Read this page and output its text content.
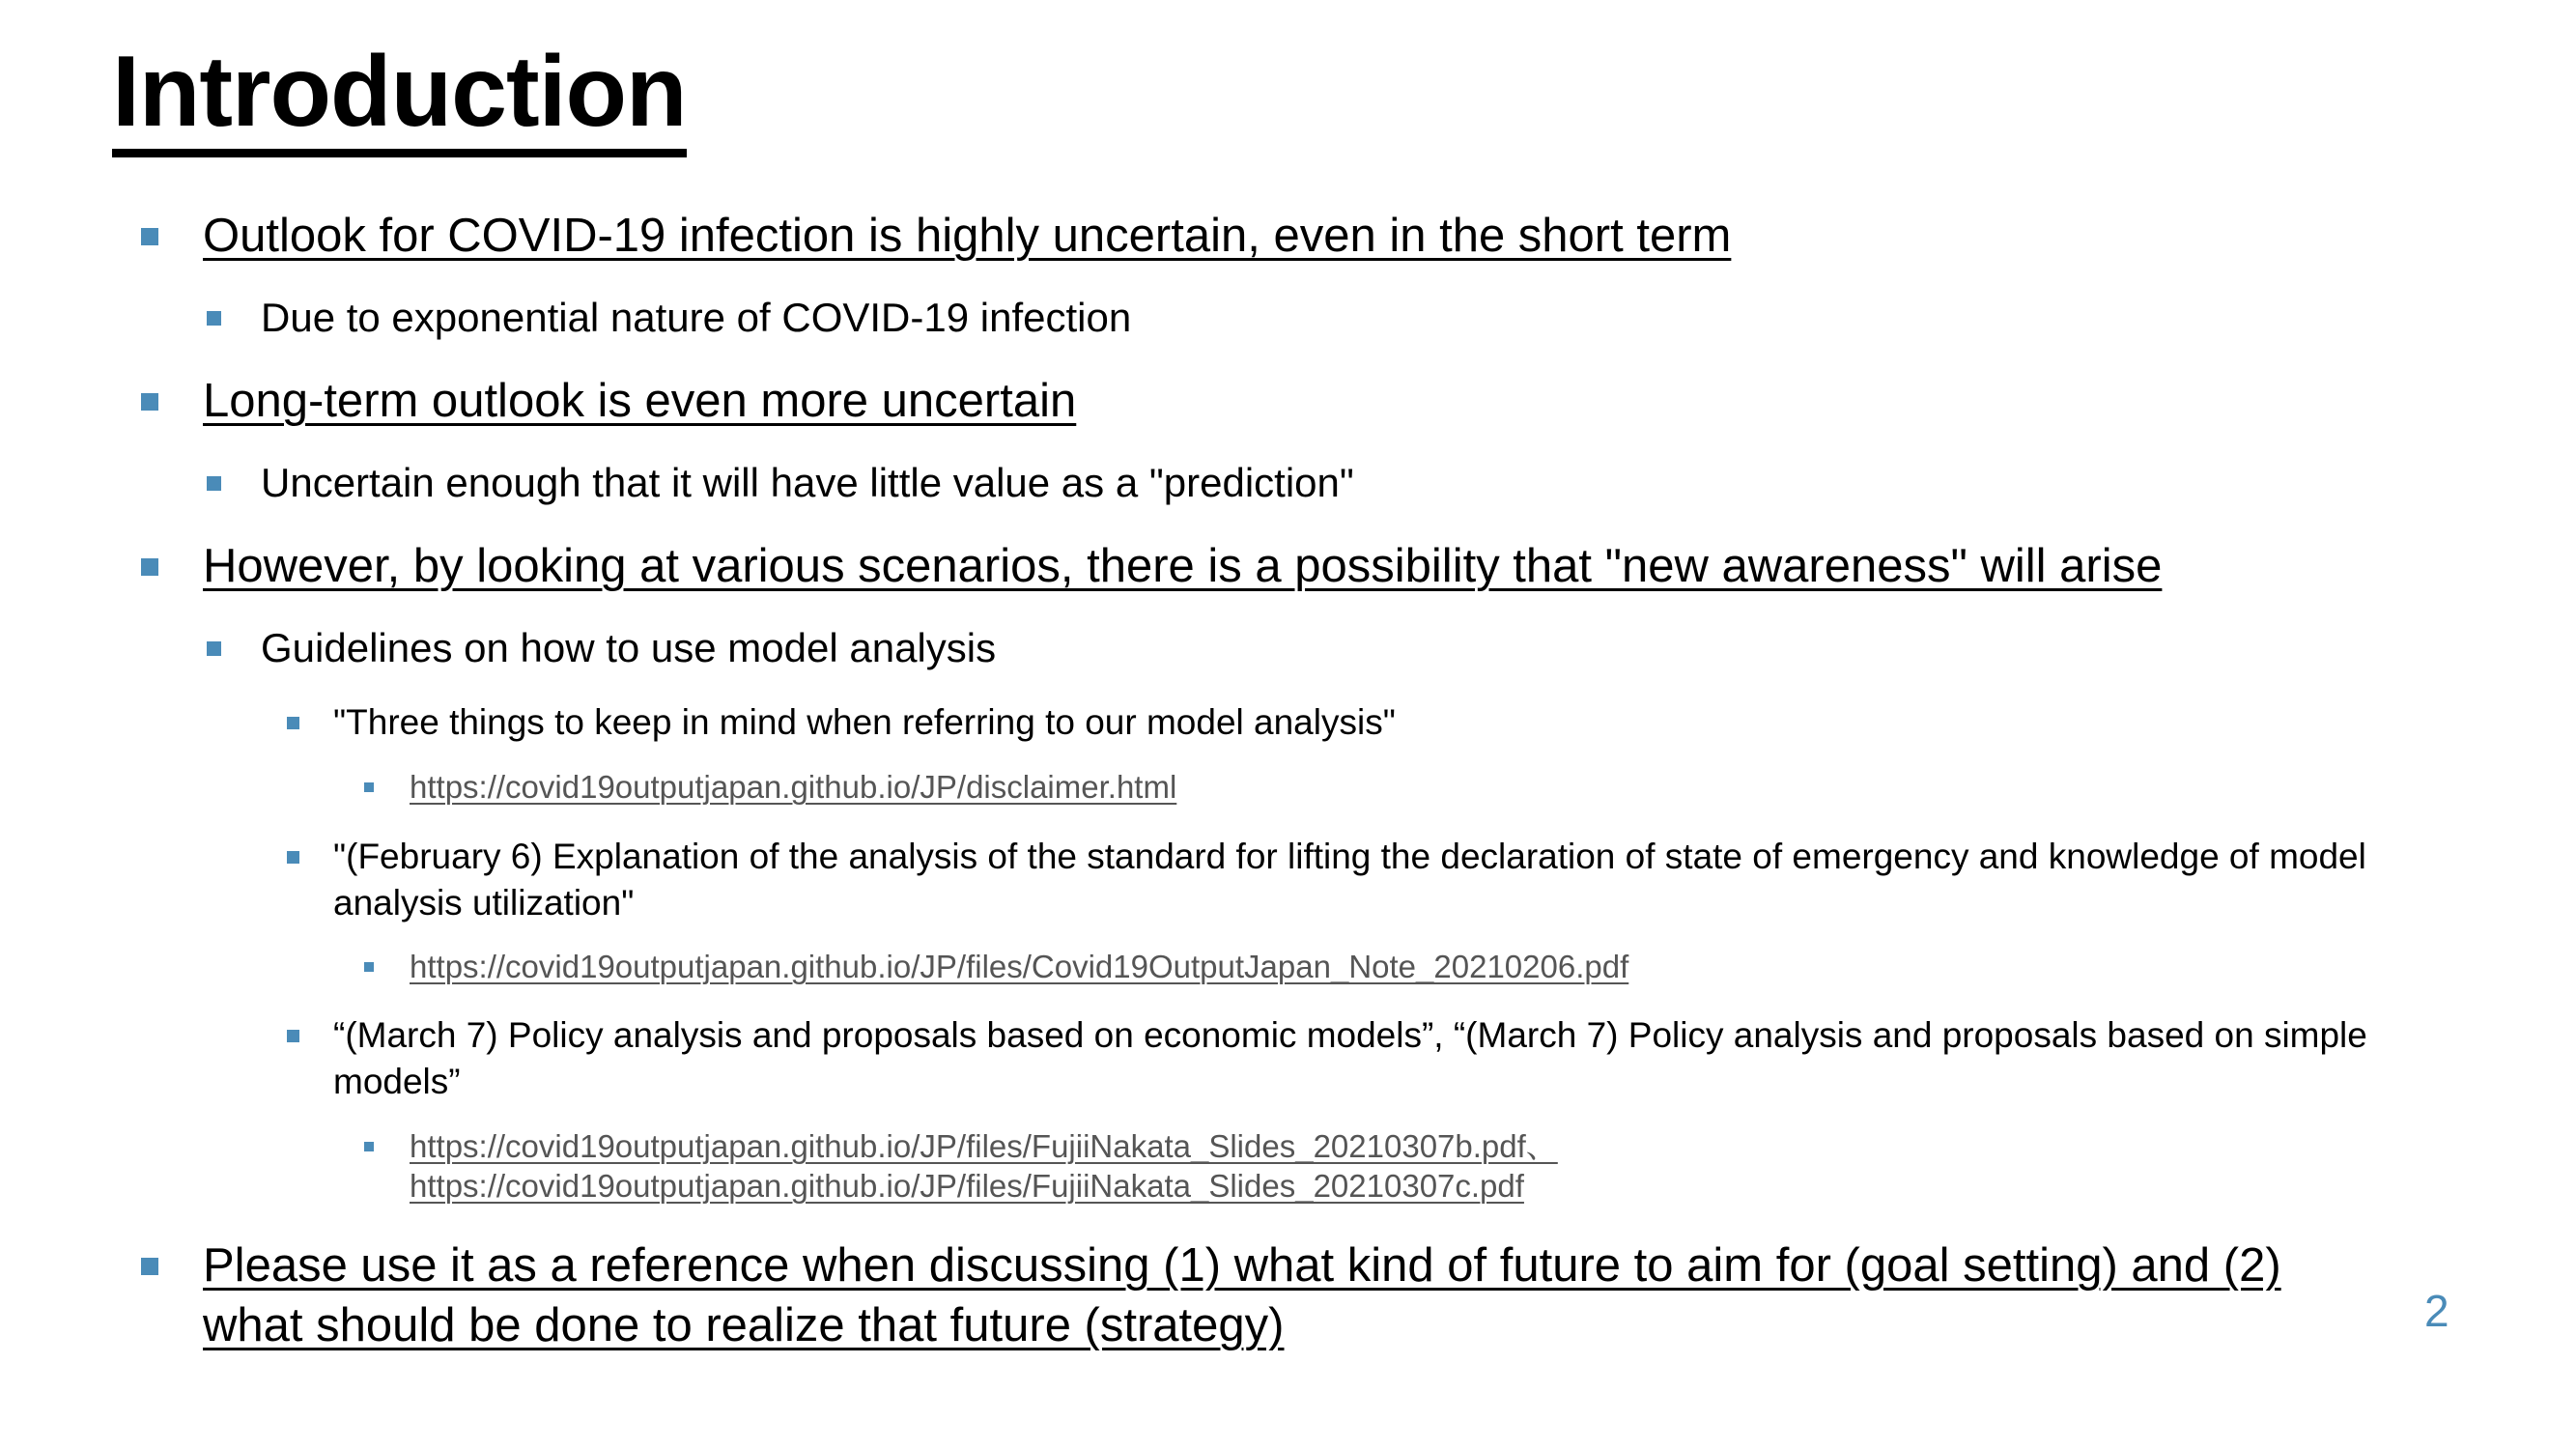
Introduction
Outlook for COVID-19 infection is highly uncertain, even in the short term
Due to exponential nature of COVID-19 infection
Long-term outlook is even more uncertain
Uncertain enough that it will have little value as a "prediction"
However, by looking at various scenarios, there is a possibility that "new awareness" will arise
Guidelines on how to use model analysis
"Three things to keep in mind when referring to our model analysis"
https://covid19outputjapan.github.io/JP/disclaimer.html
"(February 6) Explanation of the analysis of the standard for lifting the declaration of state of emergency and knowledge of model analysis utilization"
https://covid19outputjapan.github.io/JP/files/Covid19OutputJapan_Note_20210206.pdf
“(March 7) Policy analysis and proposals based on economic models”, “(March 7) Policy analysis and proposals based on simple models”
https://covid19outputjapan.github.io/JP/files/FujiiNakata_Slides_20210307b.pdf、
https://covid19outputjapan.github.io/JP/files/FujiiNakata_Slides_20210307c.pdf
Please use it as a reference when discussing (1) what kind of future to aim for (goal setting) and (2)
what should be done to realize that future (strategy)	2
